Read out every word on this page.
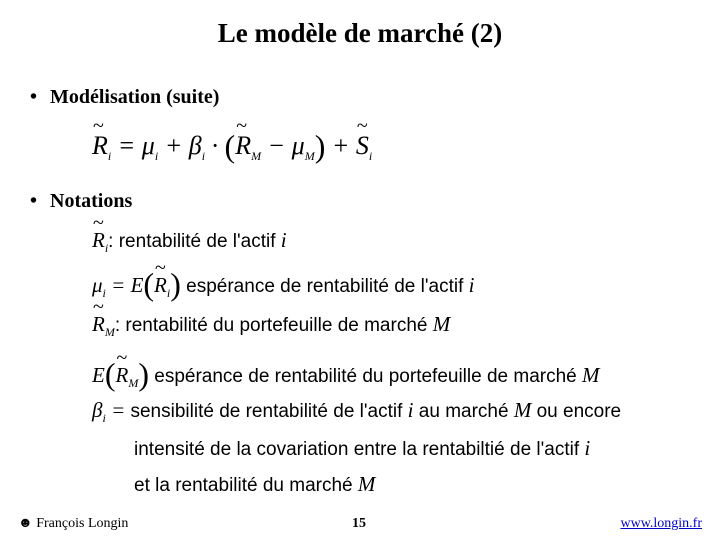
Le modèle de marché (2)
• Modélisation (suite)
~ $R_i = \mu_i + \beta_i$ · (~ $R_M - \mu_M$) + ~ $S_i$
• Notations
~ $R_i$: rentabilité de l'actif i
$\mu_i$ = E(~ $R_i$) espérance de rentabilité de l'actif i
~ $R_M$: rentabilité du portefeuille de marché M
E(~ $R_M$) espérance de rentabilité du portefeuille de marché M
$\beta_i$ = sensibilité de rentabilité de l'actif i au marché M ou encore
intensité de la covariation entre la rentabiltié de l'actif i
et la rentabilité du marché M
☻ François Longin	15	www.longin.fr
